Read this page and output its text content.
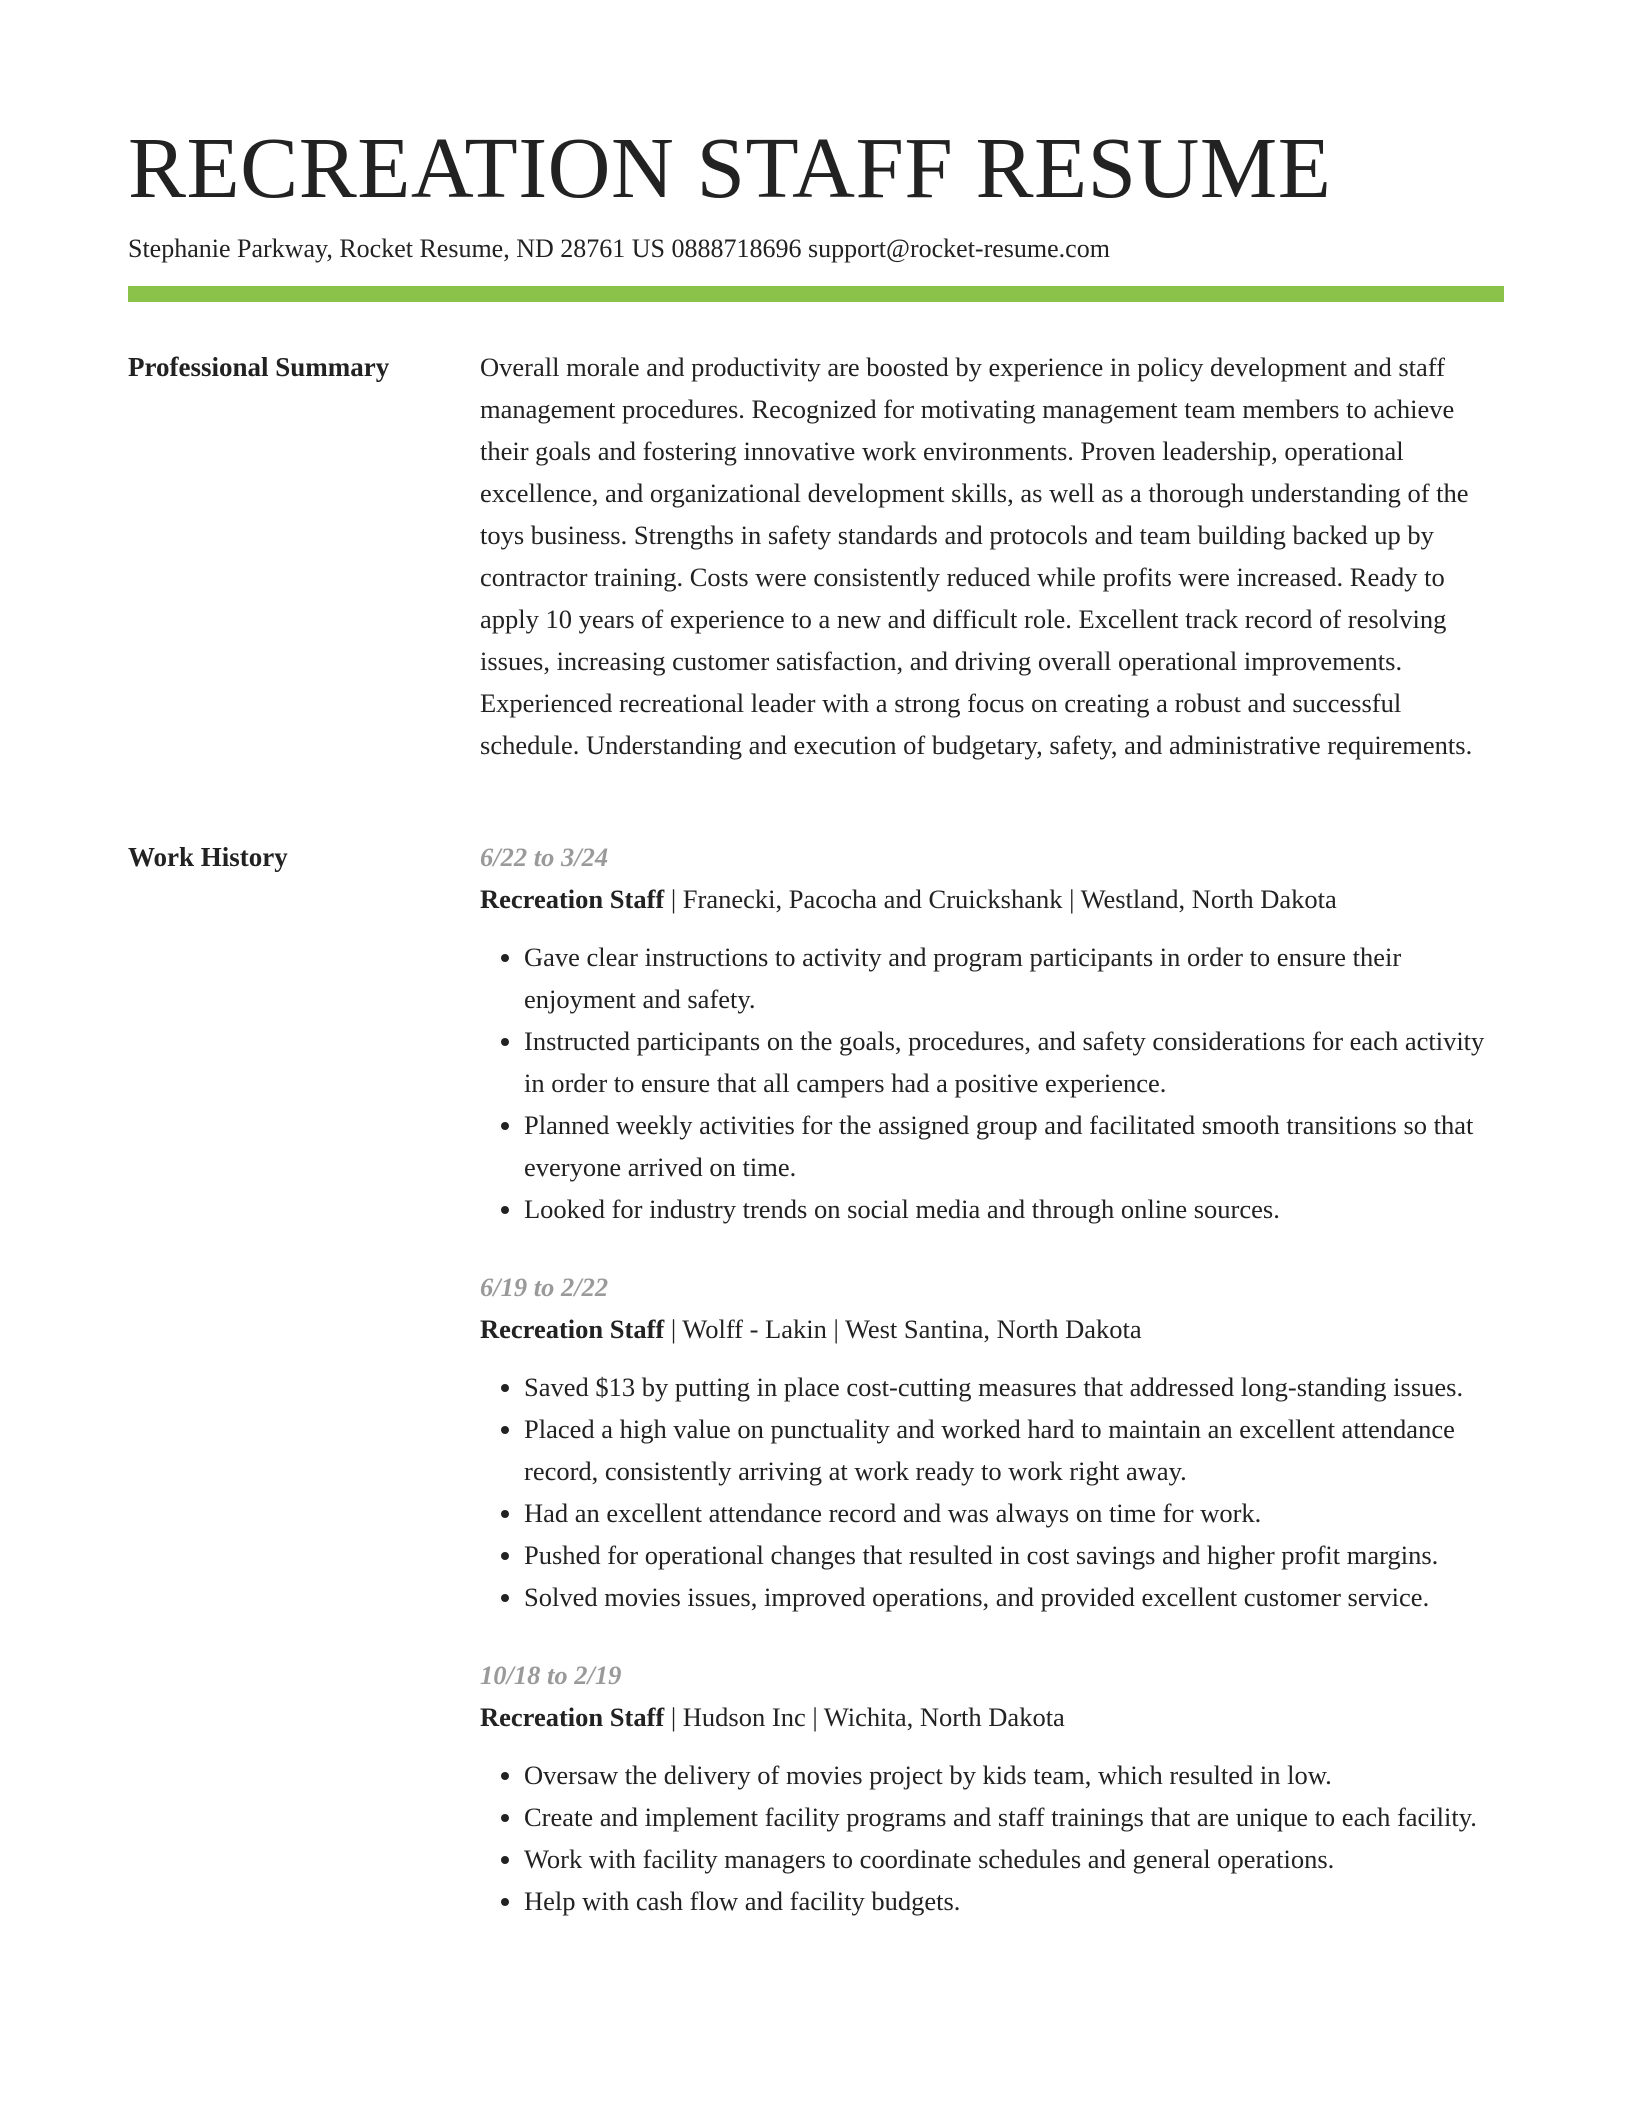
RECREATION STAFF RESUME
Stephanie Parkway, Rocket Resume, ND 28761 US 0888718696 support@rocket-resume.com
Professional Summary	Overall morale and productivity are boosted by experience in policy development and staff management procedures. Recognized for motivating management team members to achieve their goals and fostering innovative work environments. Proven leadership, operational excellence, and organizational development skills, as well as a thorough understanding of the toys business. Strengths in safety standards and protocols and team building backed up by contractor training. Costs were consistently reduced while profits were increased. Ready to apply 10 years of experience to a new and difficult role. Excellent track record of resolving issues, increasing customer satisfaction, and driving overall operational improvements. Experienced recreational leader with a strong focus on creating a robust and successful schedule. Understanding and execution of budgetary, safety, and administrative requirements.

Work History	6/22 to 3/24
Recreation Staff | Franecki, Pacocha and Cruickshank | Westland, North Dakota
• Gave clear instructions to activity and program participants in order to ensure their enjoyment and safety.
• Instructed participants on the goals, procedures, and safety considerations for each activity in order to ensure that all campers had a positive experience.
• Planned weekly activities for the assigned group and facilitated smooth transitions so that everyone arrived on time.
• Looked for industry trends on social media and through online sources.
6/19 to 2/22
Recreation Staff | Wolff - Lakin | West Santina, North Dakota
• Saved $13 by putting in place cost-cutting measures that addressed long-standing issues.
• Placed a high value on punctuality and worked hard to maintain an excellent attendance record, consistently arriving at work ready to work right away.
• Had an excellent attendance record and was always on time for work.
• Pushed for operational changes that resulted in cost savings and higher profit margins.
• Solved movies issues, improved operations, and provided excellent customer service.
10/18 to 2/19
Recreation Staff | Hudson Inc | Wichita, North Dakota
• Oversaw the delivery of movies project by kids team, which resulted in low.
• Create and implement facility programs and staff trainings that are unique to each facility.
• Work with facility managers to coordinate schedules and general operations.
• Help with cash flow and facility budgets.
